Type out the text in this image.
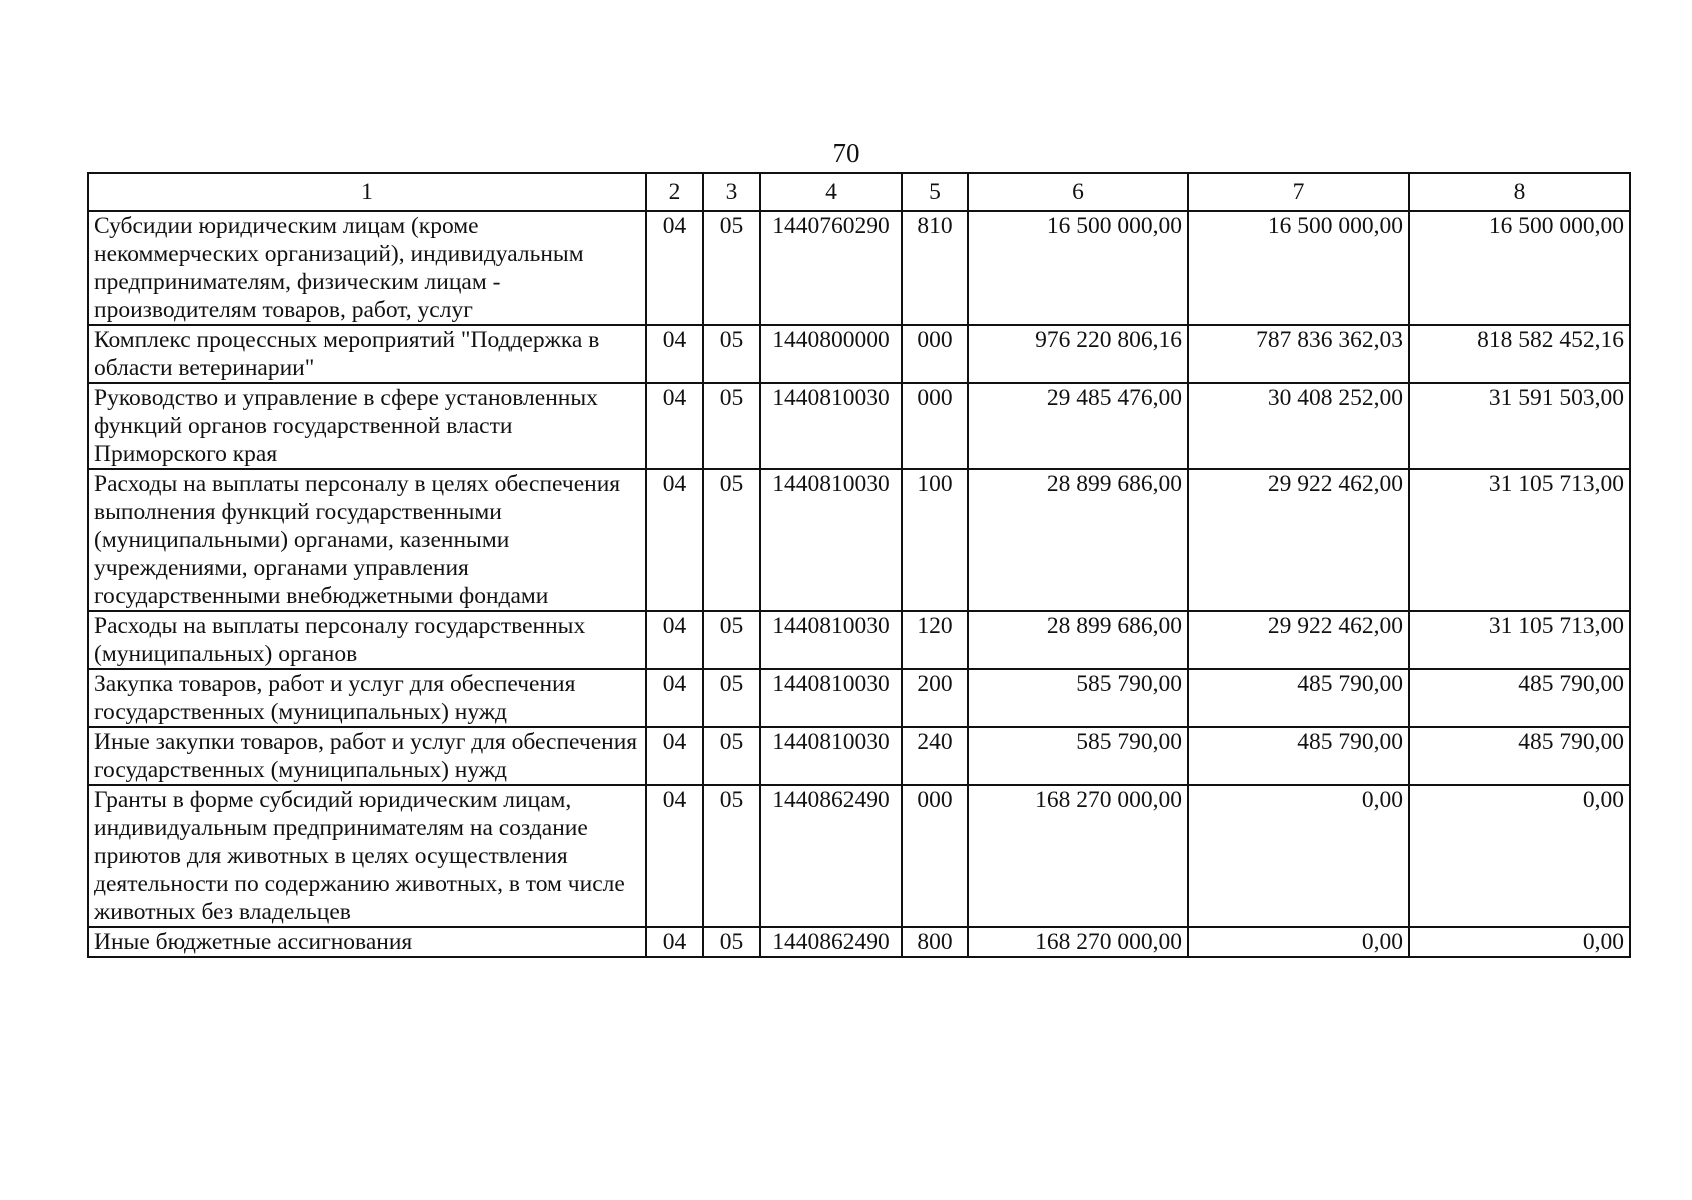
70
1	2	3	4	5	6	7	8
Субсидии юридическим лицам (кроме некоммерческих организаций), индивидуальным предпринимателям, физическим лицам - производителям товаров, работ, услуг	04	05	1440760290	810	16 500 000,00	16 500 000,00	16 500 000,00
Комплекс процессных мероприятий "Поддержка в области ветеринарии"	04	05	1440800000	000	976 220 806,16	787 836 362,03	818 582 452,16
Руководство и управление в сфере установленных функций органов государственной власти Приморского края	04	05	1440810030	000	29 485 476,00	30 408 252,00	31 591 503,00
Расходы на выплаты персоналу в целях обеспечения выполнения функций государственными (муниципальными) органами, казенными учреждениями, органами управления государственными внебюджетными фондами	04	05	1440810030	100	28 899 686,00	29 922 462,00	31 105 713,00
Расходы на выплаты персоналу государственных (муниципальных) органов	04	05	1440810030	120	28 899 686,00	29 922 462,00	31 105 713,00
Закупка товаров, работ и услуг для обеспечения государственных (муниципальных) нужд	04	05	1440810030	200	585 790,00	485 790,00	485 790,00
Иные закупки товаров, работ и услуг для обеспечения государственных (муниципальных) нужд	04	05	1440810030	240	585 790,00	485 790,00	485 790,00
Гранты в форме субсидий юридическим лицам, индивидуальным предпринимателям на создание приютов для животных в целях осуществления деятельности по содержанию животных, в том числе животных без владельцев	04	05	1440862490	000	168 270 000,00	0,00	0,00
Иные бюджетные ассигнования	04	05	1440862490	800	168 270 000,00	0,00	0,00
